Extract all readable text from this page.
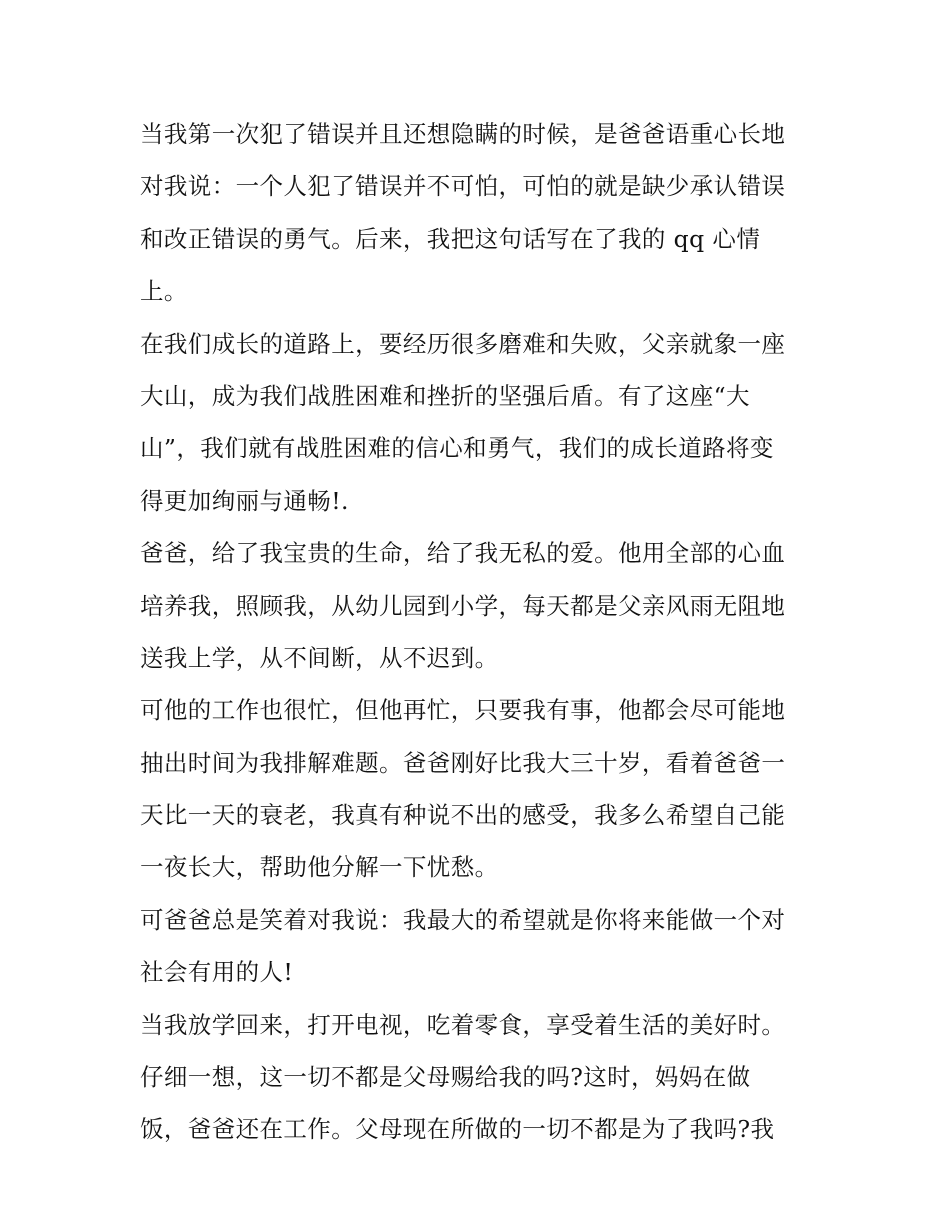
当我第一次犯了错误并且还想隐瞒的时候，是爸爸语重心长地
对我说：一个人犯了错误并不可怕，可怕的就是缺少承认错误
和改正错误的勇气。后来，我把这句话写在了我的 qq 心情
上。
在我们成长的道路上，要经历很多磨难和失败，父亲就象一座
大山，成为我们战胜困难和挫折的坚强后盾。有了这座“大
山”，我们就有战胜困难的信心和勇气，我们的成长道路将变
得更加绚丽与通畅!.
爸爸，给了我宝贵的生命，给了我无私的爱。他用全部的心血
培养我，照顾我，从幼儿园到小学，每天都是父亲风雨无阻地
送我上学，从不间断，从不迟到。
可他的工作也很忙，但他再忙，只要我有事，他都会尽可能地
抽出时间为我排解难题。爸爸刚好比我大三十岁，看着爸爸一
天比一天的衰老，我真有种说不出的感受，我多么希望自己能
一夜长大，帮助他分解一下忧愁。
可爸爸总是笑着对我说：我最大的希望就是你将来能做一个对
社会有用的人!
当我放学回来，打开电视，吃着零食，享受着生活的美好时。
仔细一想，这一切不都是父母赐给我的吗?这时，妈妈在做
饭，爸爸还在工作。父母现在所做的一切不都是为了我吗?我
